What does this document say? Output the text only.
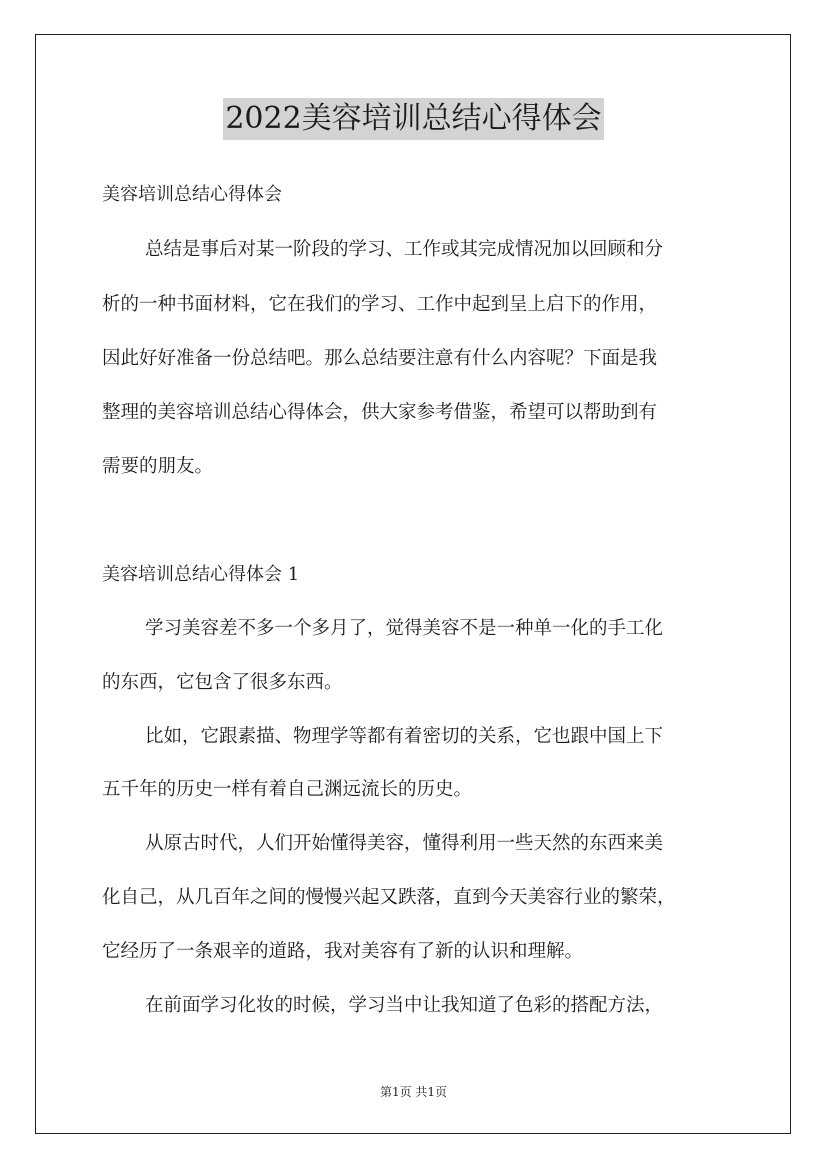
2022美容培训总结心得体会
美容培训总结心得体会
总结是事后对某一阶段的学习、工作或其完成情况加以回顾和分
析的一种书面材料，它在我们的学习、工作中起到呈上启下的作用，
因此好好准备一份总结吧。那么总结要注意有什么内容呢？下面是我
整理的美容培训总结心得体会，供大家参考借鉴，希望可以帮助到有
需要的朋友。
美容培训总结心得体会 1
学习美容差不多一个多月了，觉得美容不是一种单一化的手工化
的东西，它包含了很多东西。
比如，它跟素描、物理学等都有着密切的关系，它也跟中国上下
五千年的历史一样有着自己渊远流长的历史。
从原古时代，人们开始懂得美容，懂得利用一些天然的东西来美
化自己，从几百年之间的慢慢兴起又跌落，直到今天美容行业的繁荣，
它经历了一条艰辛的道路，我对美容有了新的认识和理解。
在前面学习化妆的时候，学习当中让我知道了色彩的搭配方法，
第1页 共1页
